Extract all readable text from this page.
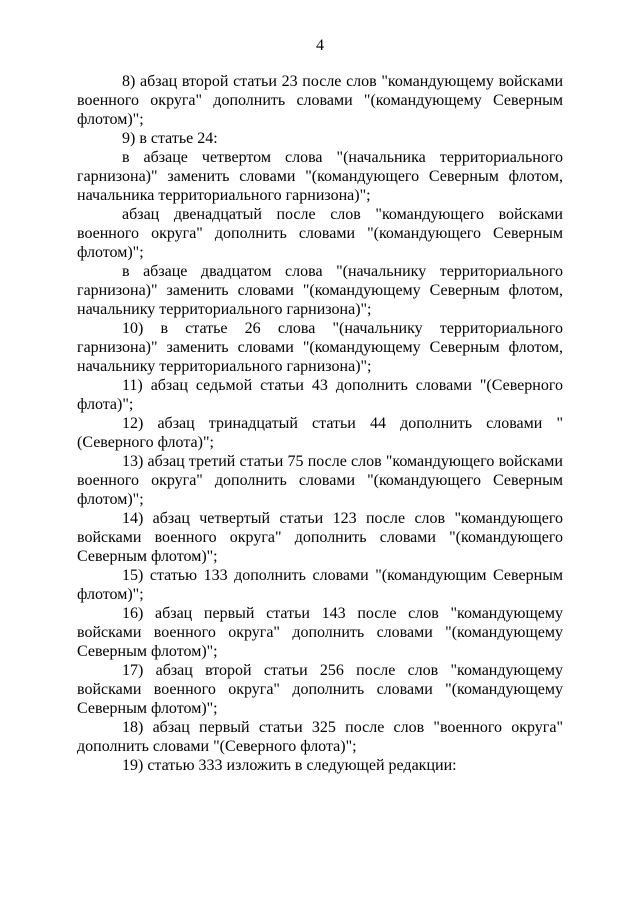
4

8) абзац второй статьи 23 после слов "командующему войсками военного округа" дополнить словами "(командующему Северным флотом)";

9) в статье 24:

в абзаце четвертом слова "(начальника территориального гарнизона)" заменить словами "(командующего Северным флотом, начальника территориального гарнизона)";

абзац двенадцатый после слов "командующего войсками военного округа" дополнить словами "(командующего Северным флотом)";

в абзаце двадцатом слова "(начальнику территориального гарнизона)" заменить словами "(командующему Северным флотом, начальнику территориального гарнизона)";

10) в статье 26 слова "(начальнику территориального гарнизона)" заменить словами "(командующему Северным флотом, начальнику территориального гарнизона)";

11) абзац седьмой статьи 43 дополнить словами "(Северного флота)";

12) абзац тринадцатый статьи 44 дополнить словами "(Северного флота)";

13) абзац третий статьи 75 после слов "командующего войсками военного округа" дополнить словами "(командующего Северным флотом)";

14) абзац четвертый статьи 123 после слов "командующего войсками военного округа" дополнить словами "(командующего Северным флотом)";

15) статью 133 дополнить словами "(командующим Северным флотом)";

16) абзац первый статьи 143 после слов "командующему войсками военного округа" дополнить словами "(командующему Северным флотом)";

17) абзац второй статьи 256 после слов "командующему войсками военного округа" дополнить словами "(командующему Северным флотом)";

18) абзац первый статьи 325 после слов "военного округа" дополнить словами "(Северного флота)";

19) статью 333 изложить в следующей редакции:
